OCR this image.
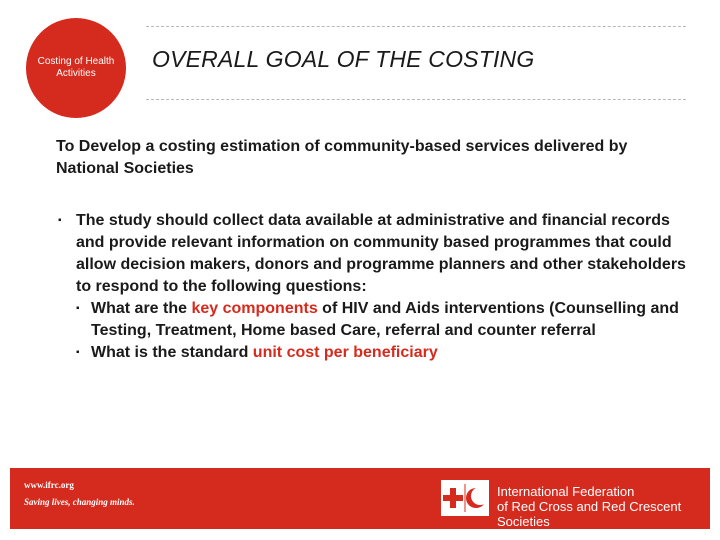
Costing of Health Activities
OVERALL GOAL OF THE COSTING
To Develop a costing estimation of community-based services delivered by National Societies
▪ The study should collect data available at administrative and financial records and provide relevant information on community based programmes that could allow decision makers, donors and programme planners and other stakeholders to respond to the following questions:
▪ What are the key components of HIV and Aids interventions (Counselling and Testing, Treatment, Home based Care, referral and counter referral
▪ What is the standard unit cost per beneficiary
www.ifrc.org
Saving lives, changing minds.
International Federation
of Red Cross and Red Crescent Societies
